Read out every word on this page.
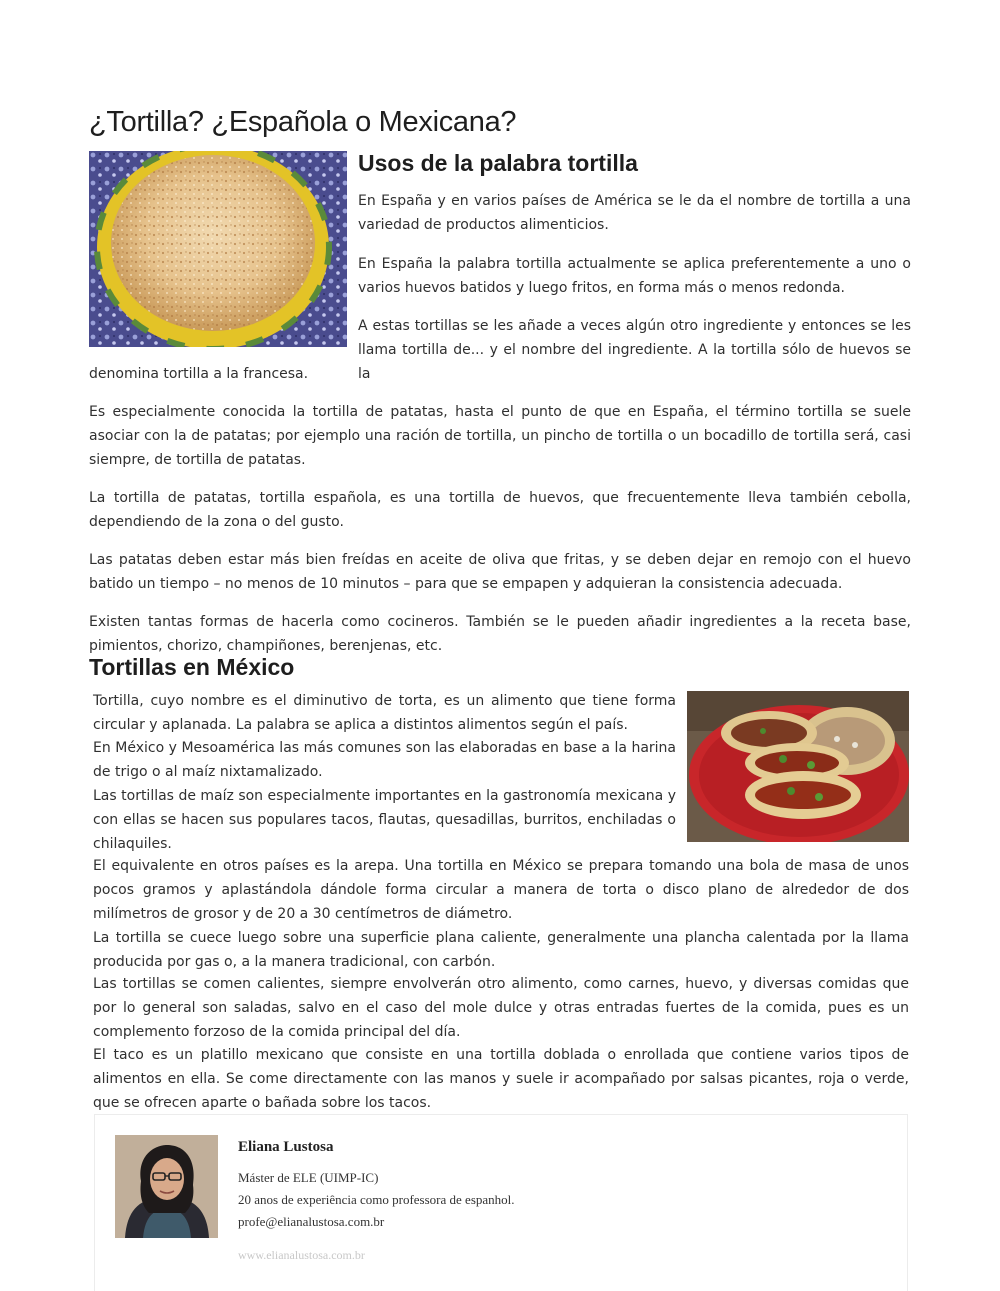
¿Tortilla? ¿Española o Mexicana?
Usos de la palabra tortilla

En España y en varios países de América se le da el nombre de tortilla a una variedad de productos alimenticios.

En España la palabra tortilla actualmente se aplica preferentemente a uno o varios huevos batidos y luego fritos, en forma más o menos redonda.

A estas tortillas se les añade a veces algún otro ingrediente y entonces se les llama tortilla de... y el nombre del ingrediente. A la tortilla sólo de huevos se la

denomina tortilla a la francesa.

Es especialmente conocida la tortilla de patatas, hasta el punto de que en España, el término tortilla se suele asociar con la de patatas; por ejemplo una ración de tortilla, un pincho de tortilla o un bocadillo de tortilla será, casi siempre, de tortilla de patatas.

La tortilla de patatas, tortilla española, es una tortilla de huevos, que frecuentemente lleva también cebolla, dependiendo de la zona o del gusto.

Las patatas deben estar más bien freídas en aceite de oliva que fritas, y se deben dejar en remojo con el huevo batido un tiempo – no menos de 10 minutos – para que se empapen y adquieran la consistencia adecuada.

Existen tantas formas de hacerla como cocineros. También se le pueden añadir ingredientes a la receta base, pimientos, chorizo, champiñones, berenjenas, etc.

Tortillas en México

Tortilla, cuyo nombre es el diminutivo de torta, es un alimento que tiene forma circular y aplanada. La palabra se aplica a distintos alimentos según el país.

En México y Mesoamérica las más comunes son las elaboradas en base a la harina de trigo o al maíz nixtamalizado.

Las tortillas de maíz son especialmente importantes en la gastronomía mexicana y con ellas se hacen sus populares tacos, flautas, quesadillas, burritos, enchiladas o chilaquiles.

El equivalente en otros países es la arepa. Una tortilla en México se prepara tomando una bola de masa de unos pocos gramos y aplastándola dándole forma circular a manera de torta o disco plano de alrededor de dos milímetros de grosor y de 20 a 30 centímetros de diámetro.

La tortilla se cuece luego sobre una superficie plana caliente, generalmente una plancha calentada por la llama producida por gas o, a la manera tradicional, con carbón.

Las tortillas se comen calientes, siempre envolverán otro alimento, como carnes, huevo, y diversas comidas que por lo general son saladas, salvo en el caso del mole dulce y otras entradas fuertes de la comida, pues es un complemento forzoso de la comida principal del día.

El taco es un platillo mexicano que consiste en una tortilla doblada o enrollada que contiene varios tipos de alimentos en ella. Se come directamente con las manos y suele ir acompañado por salsas picantes, roja o verde, que se ofrecen aparte o bañada sobre los tacos.

Eliana Lustosa
Máster de ELE (UIMP-IC)
20 anos de experiência como professora de espanhol.
profe@elianalustosa.com.br
www.elianalustosa.com.br
